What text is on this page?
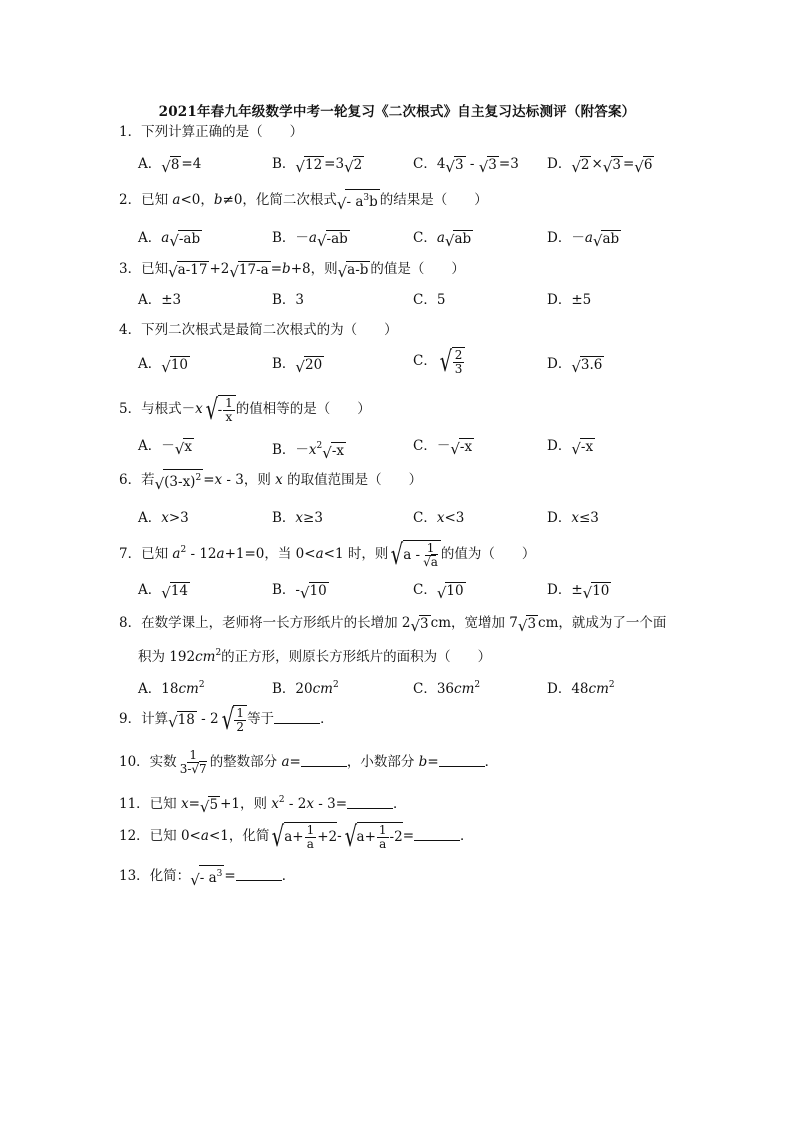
2021年春九年级数学中考一轮复习《二次根式》自主复习达标测评（附答案）
1．下列计算正确的是（　　）
A．√8 =4	B．√12 =3√2	C．4√3 - √3 =3 D．√2 ×√3 =√6
2．已知 a<0，b≠0，化简二次根式√- $a^3b$ 的结果是（　　）
A．a√-ab	B．－a√-ab	C．a√ab	D．－a√ab
3．已知√a-17 +2√17-a =b+8，则√a-b 的值是（　　）
A．±3	B．3	C．5	D．±5
4．下列二次根式是最简二次根式的为（　　）
A．√10	B．√20	C．√ $\frac{2}{3}$	D．√3.6
5．与根式$-x√- \frac{1}{x}$ 的值相等的是（　　）
A．－√x	B．$-x^2√-x$	C．－√-x	D．√-x
6．若$√(3-x)^2 =x - 3$，则 x 的取值范围是（　　）
A．x>3	B．x≥3	C．x<3	D．x≤3
7．已知 $a^2 - 12a+1=0$，当 0<a<1 时，则$√a - \frac{1}{√a}$ 的值为（　　）
A．√14	B．-√10	C．√10	D．±√10
8．在数学课上，老师将一长方形纸片的长增加 2√3 cm，宽增加 7√3 cm，就成为了一个面
积为 $192cm^2$的正方形，则原长方形纸片的面积为（　　）
A．$18cm^2$	B．$20cm^2$	C．$36cm^2$	D．$48cm^2$
9．计算$√18 - 2√ \frac{1}{2}$ 等于	．
10．实数 $\frac{1}{3-√7}$ 的整数部分 a=	，小数部分 b=	．
11．已知 x=√5 +1，则 $x^2 - 2x - 3=$	．
12．已知 0<a<1，化简$√a+ \frac{1}{a} +2-√a+ \frac{1}{a} -2=$	．
13．化简：√- $a^3$ =	．
